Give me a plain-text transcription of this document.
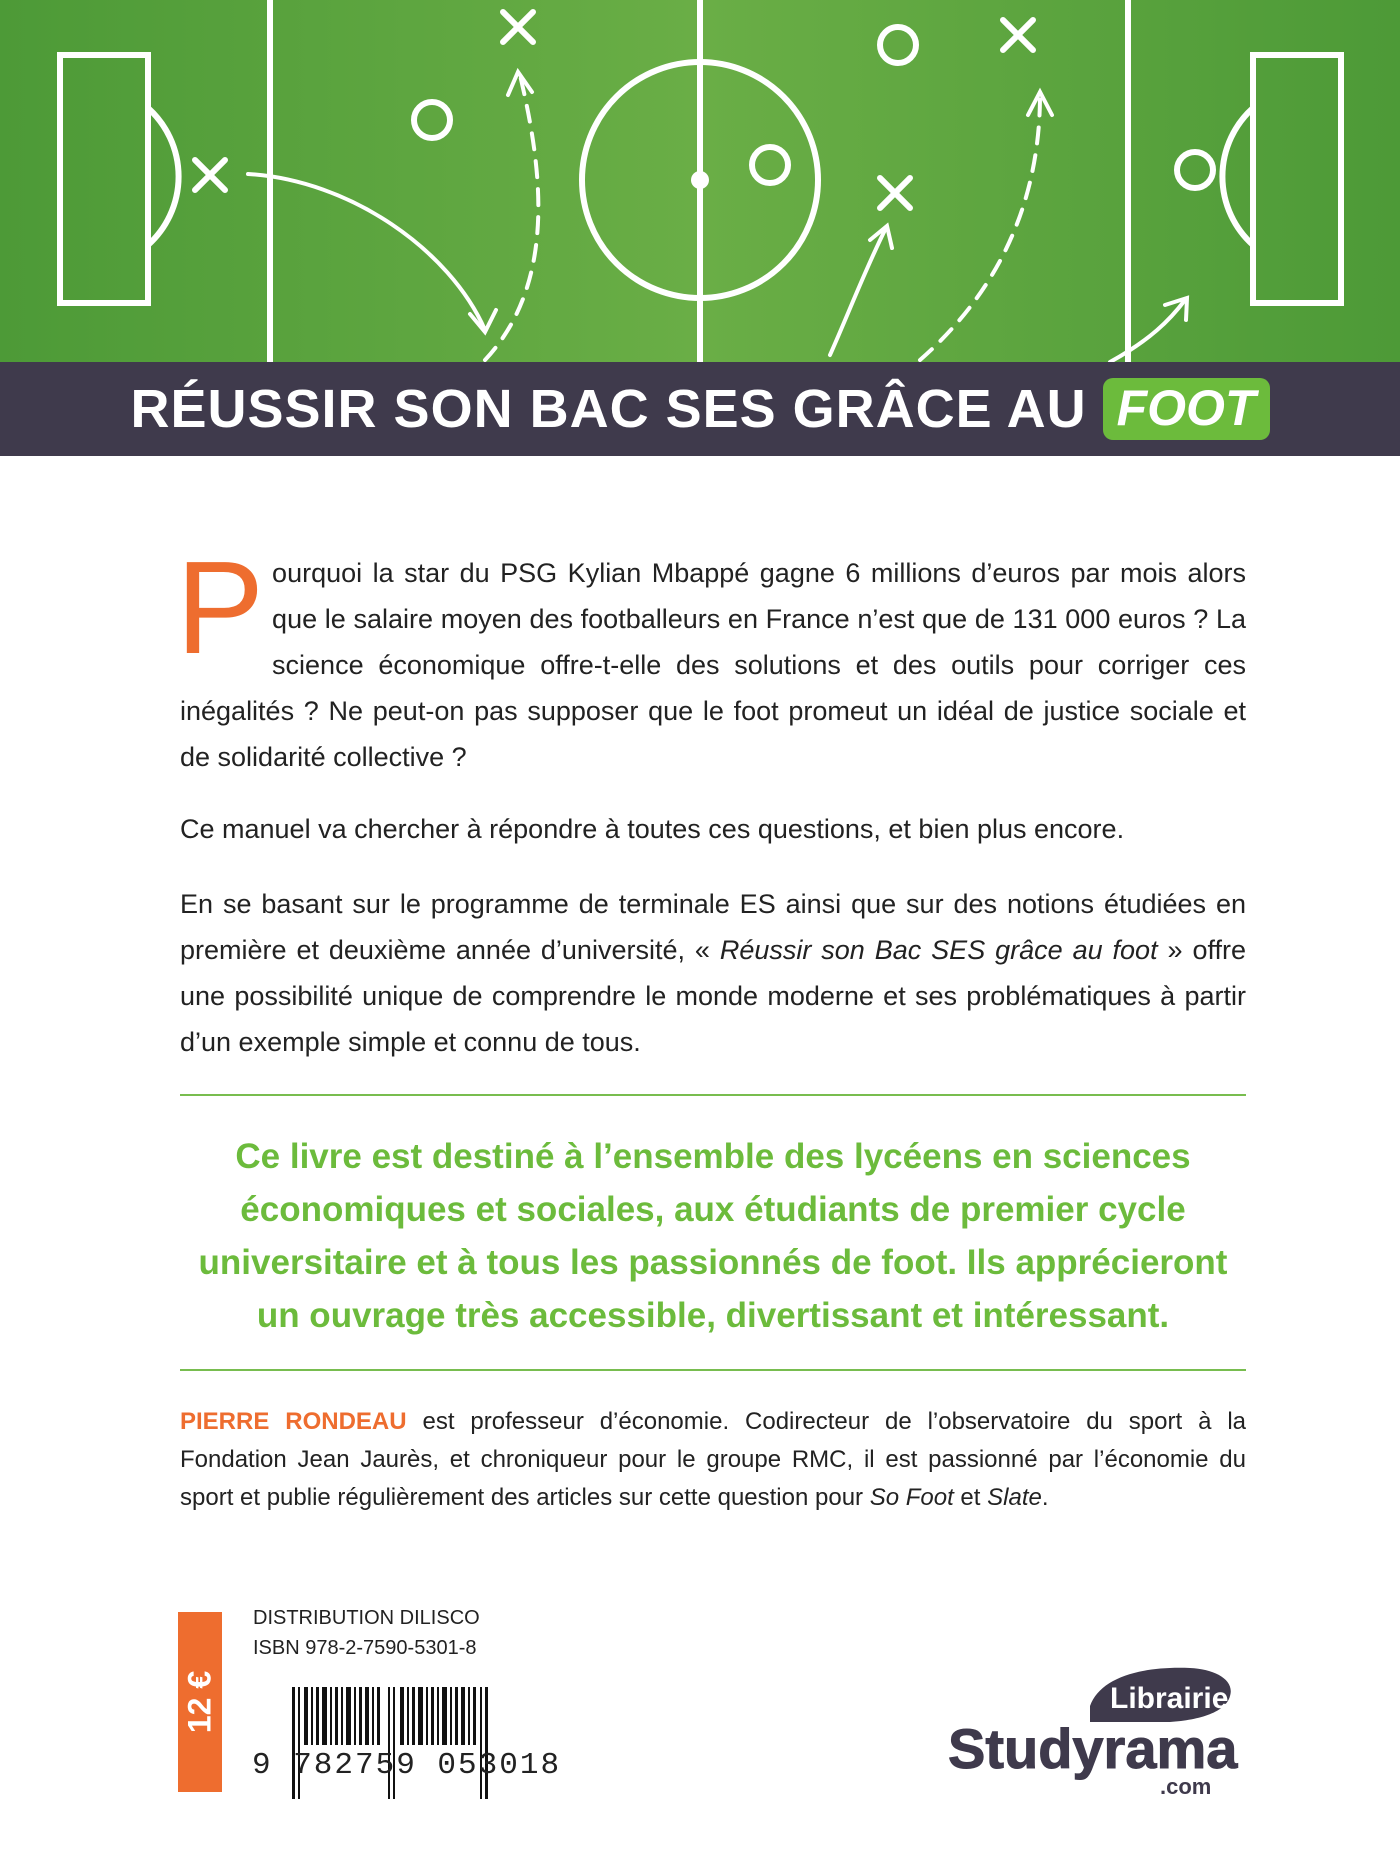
RÉUSSIR SON BAC SES GRÂCE AU FOOT

P ourquoi la star du PSG Kylian Mbappé gagne 6 millions d’euros par mois alors que le salaire moyen des footballeurs en France n’est que de 131 000 euros ? La science économique offre-t-elle des solutions et des outils pour corriger ces inégalités ? Ne peut-on pas supposer que le foot promeut un idéal de justice sociale et de solidarité collective ?

Ce manuel va chercher à répondre à toutes ces questions, et bien plus encore.

En se basant sur le programme de terminale ES ainsi que sur des notions étudiées en première et deuxième année d’université, « Réussir son Bac SES grâce au foot » offre une possibilité unique de comprendre le monde moderne et ses problématiques à partir d’un exemple simple et connu de tous.

Ce livre est destiné à l’ensemble des lycéens en sciences économiques et sociales, aux étudiants de premier cycle universitaire et à tous les passionnés de foot. Ils apprécieront un ouvrage très accessible, divertissant et intéressant.
PIERRE RONDEAU est professeur d’économie. Codirecteur de l’observatoire du sport à la Fondation Jean Jaurès, et chroniqueur pour le groupe RMC, il est passionné par l’économie du sport et publie régulièrement des articles sur cette question pour So Foot et Slate.
12 €
DISTRIBUTION DILISCO
ISBN 978-2-7590-5301-8
9 782759 053018
Librairie
Studyrama
.com
